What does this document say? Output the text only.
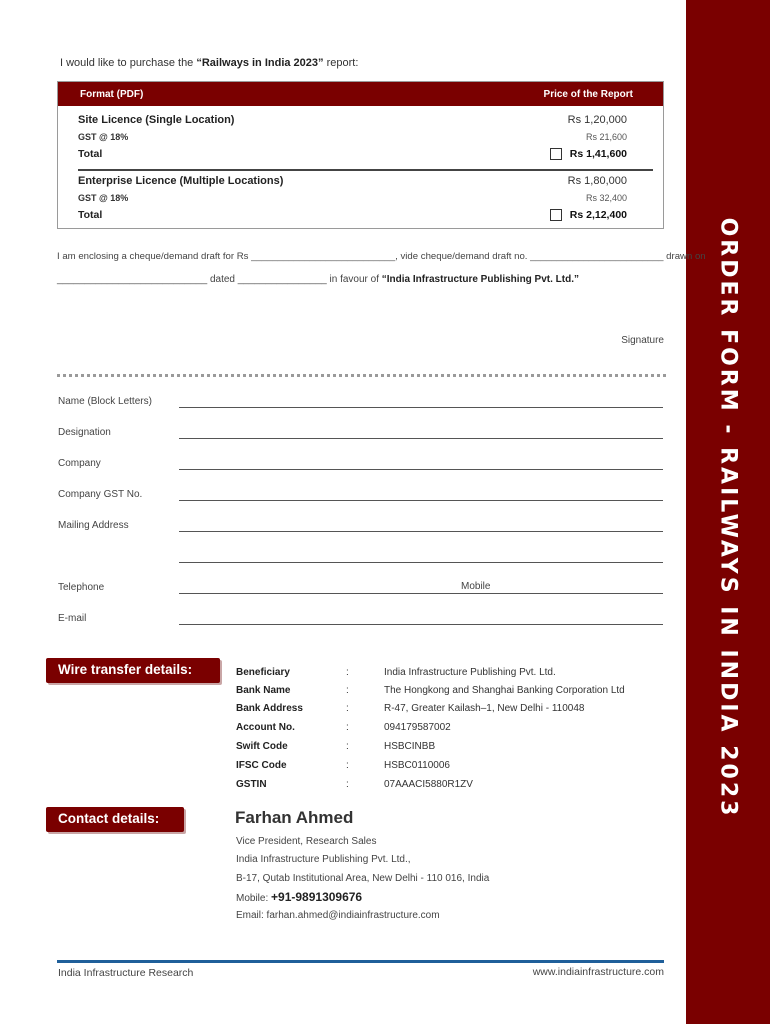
ORDER FORM - RAILWAYS IN INDIA 2023
I would like to purchase the “Railways in India 2023” report:
Format (PDF)	Price of the Report
Site Licence (Single Location)	Rs 1,20,000
GST @ 18%	Rs 21,600
Total	Rs 1,41,600
Enterprise Licence (Multiple Locations)	Rs 1,80,000
GST @ 18%	Rs 32,400
Total	Rs 2,12,400
I am enclosing a cheque/demand draft for Rs ___________________________, vide cheque/demand draft no. _________________________ drawn on
___________________________ dated ________________ in favour of “India Infrastructure Publishing Pvt. Ltd.”
Signature
Name (Block Letters)
Designation
Company
Company GST No.
Mailing Address
Telephone	Mobile
E-mail
Wire transfer details:	Beneficiary	:	India Infrastructure Publishing Pvt. Ltd.
Bank Name	:	The Hongkong and Shanghai Banking Corporation Ltd
Bank Address	:	R-47, Greater Kailash–1, New Delhi - 110048
Account No.	:	094179587002
Swift Code	:	HSBCINBB
IFSC Code	:	HSBC0110006
GSTIN	:	07AAACI5880R1ZV
Contact details:	Farhan Ahmed
Vice President, Research Sales
India Infrastructure Publishing Pvt. Ltd.,
B-17, Qutab Institutional Area, New Delhi - 110 016, India
Mobile: +91-9891309676
Email: farhan.ahmed@indiainfrastructure.com
India Infrastructure Research	www.indiainfrastructure.com
